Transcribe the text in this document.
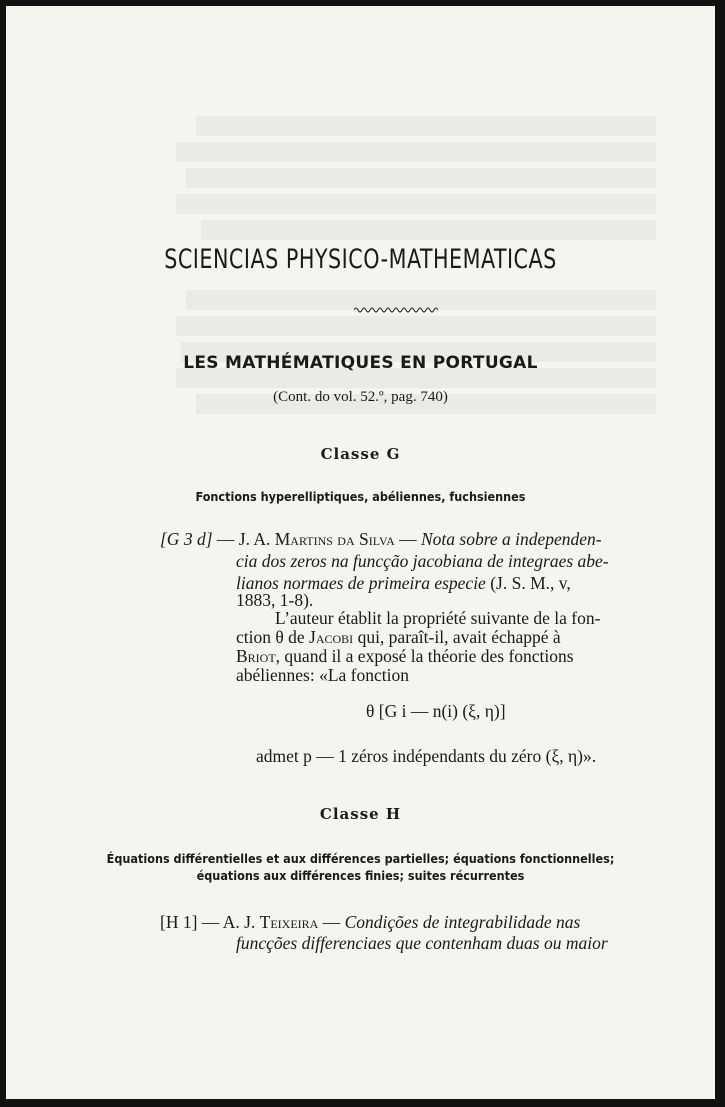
SCIENCIAS PHYSICO-MATHEMATICAS
LES MATHÉMATIQUES EN PORTUGAL
(Cont. do vol. 52.º, pag. 740)
Classe G
Fonctions hyperelliptiques, abéliennes, fuchsiennes
[G 3 d] — J. A. Martins da Silva — Nota sobre a independen-
cia dos zeros na funcção jacobiana de integraes abe-
lianos normaes de primeira especie (J. S. M., v,
1883, 1-8).
L’auteur établit la propriété suivante de la fon-
ction θ de Jacobi qui, paraît-il, avait échappé à
Briot, quand il a exposé la théorie des fonctions
abéliennes: «La fonction
θ [G i — n(i) (ξ, η)]
admet p — 1 zéros indépendants du zéro (ξ, η)».
Classe H
Équations différentielles et aux différences partielles; équations fonctionnelles;
équations aux différences finies; suites récurrentes
[H 1] — A. J. Teixeira — Condições de integrabilidade nas
funcções differenciaes que contenham duas ou maior
